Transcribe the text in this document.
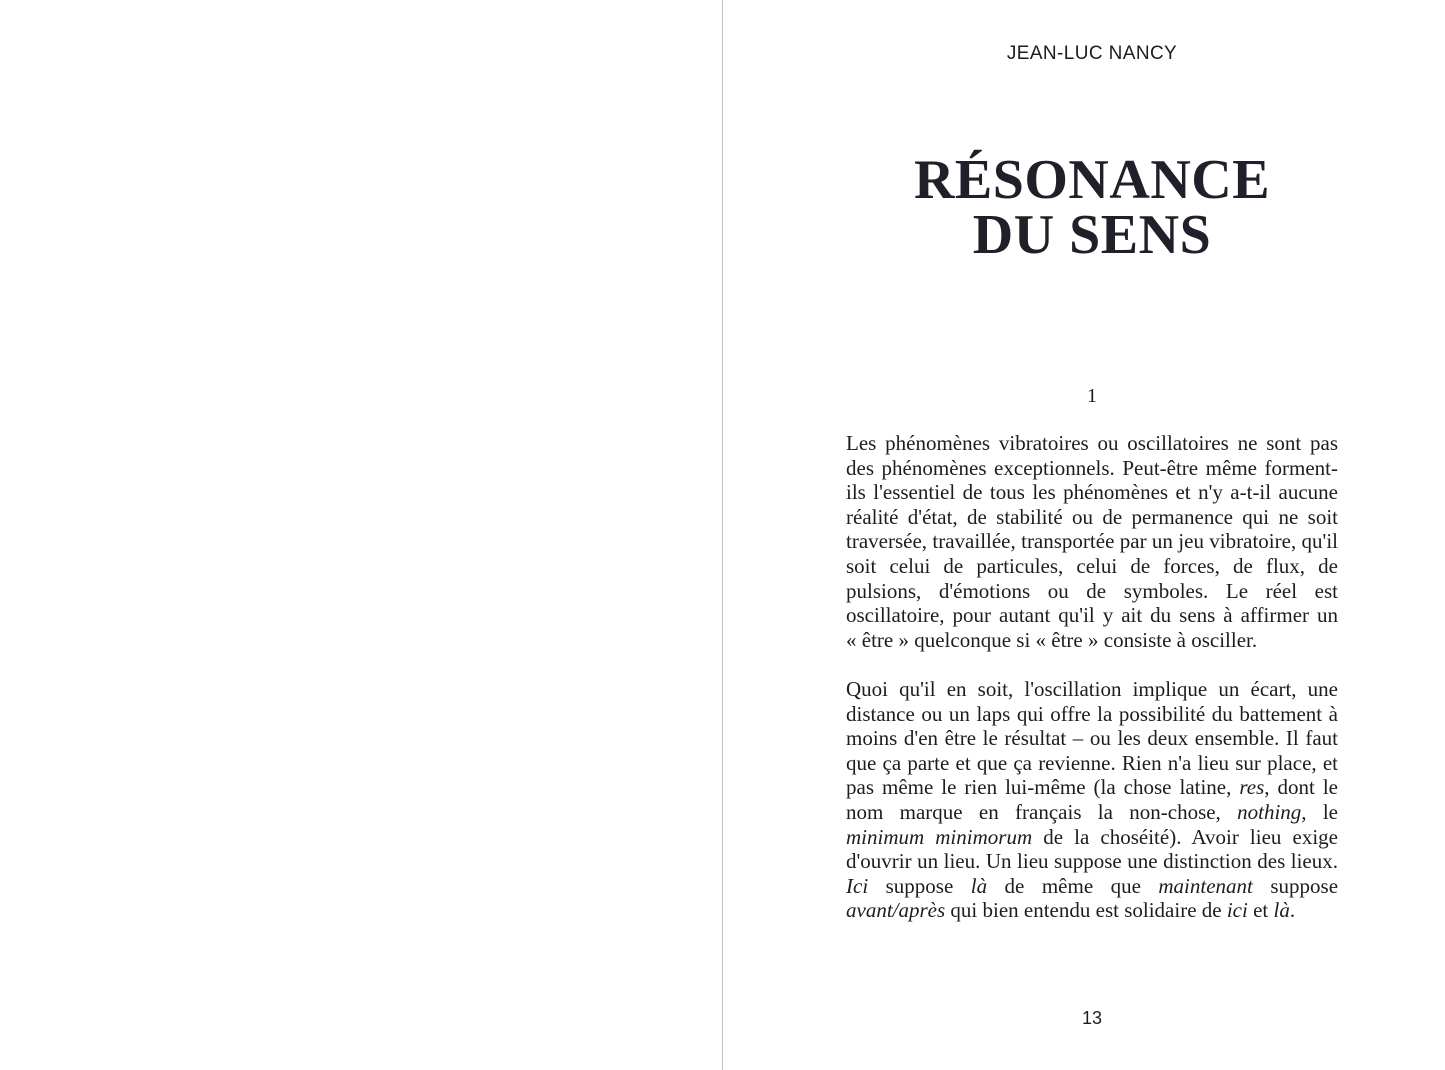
JEAN-LUC NANCY
RÉSONANCE
DU SENS
1

Les phénomènes vibratoires ou oscillatoires ne sont pas des phénomènes exceptionnels. Peut-être même forment-ils l'essentiel de tous les phénomènes et n'y a-t-il aucune réalité d'état, de stabilité ou de permanence qui ne soit traversée, travaillée, transportée par un jeu vibratoire, qu'il soit celui de particules, celui de forces, de flux, de pulsions, d'émotions ou de symboles. Le réel est oscillatoire, pour autant qu'il y ait du sens à affirmer un « être » quelconque si « être » consiste à osciller.

Quoi qu'il en soit, l'oscillation implique un écart, une distance ou un laps qui offre la possibilité du battement à moins d'en être le résultat – ou les deux ensemble. Il faut que ça parte et que ça revienne. Rien n'a lieu sur place, et pas même le rien lui-même (la chose latine, res, dont le nom marque en français la non-chose, nothing, le minimum minimorum de la choséité). Avoir lieu exige d'ouvrir un lieu. Un lieu suppose une distinction des lieux. Ici suppose là de même que maintenant suppose avant/après qui bien entendu est solidaire de ici et là.

13
